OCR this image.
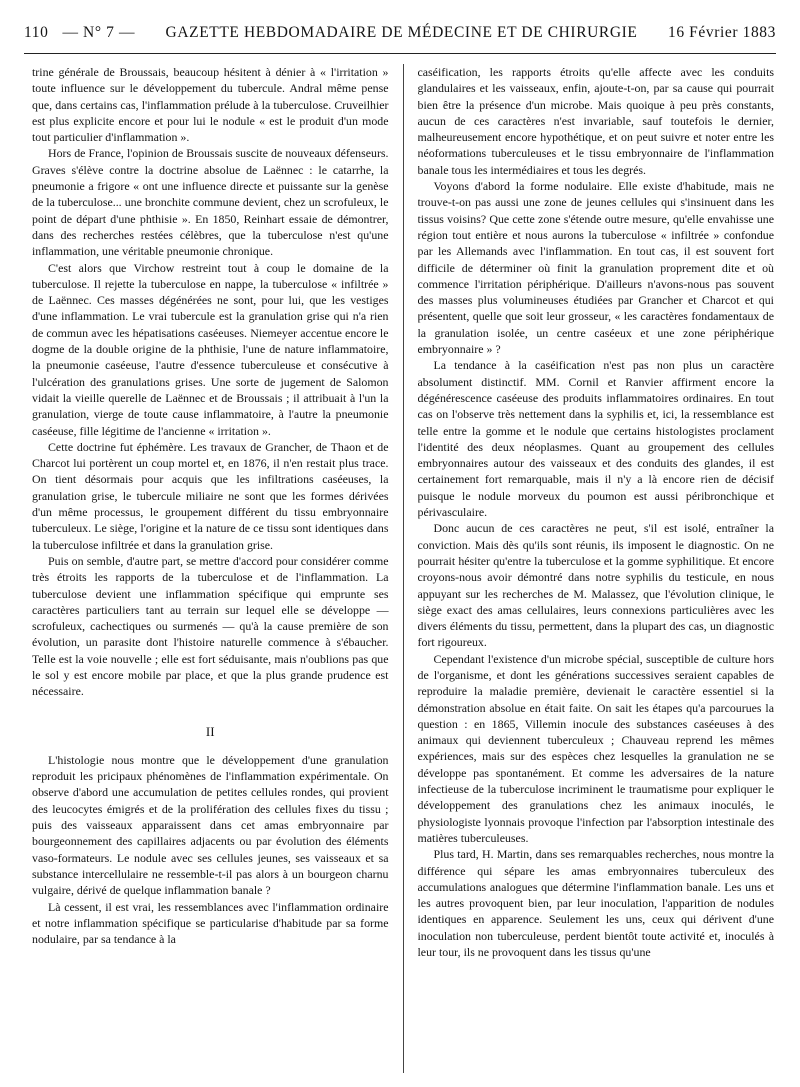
110 — N° 7 —	GAZETTE HEBDOMADAIRE DE MÉDECINE ET DE CHIRURGIE	16 Février 1883

trine générale de Broussais, beaucoup hésitent à dénier à « l'irritation » toute influence sur le développement du tubercule. Andral même pense que, dans certains cas, l'inflammation prélude à la tuberculose. Cruveilhier est plus explicite encore et pour lui le nodule « est le produit d'un mode tout particulier d'inflammation ».

Hors de France, l'opinion de Broussais suscite de nouveaux défenseurs. Graves s'élève contre la doctrine absolue de Laënnec : le catarrhe, la pneumonie a frigore « ont une influence directe et puissante sur la genèse de la tuberculose... une bronchite commune devient, chez un scrofuleux, le point de départ d'une phthisie ». En 1850, Reinhart essaie de démontrer, dans des recherches restées célèbres, que la tuberculose n'est qu'une inflammation, une véritable pneumonie chronique.

C'est alors que Virchow restreint tout à coup le domaine de la tuberculose. Il rejette la tuberculose en nappe, la tuberculose « infiltrée » de Laënnec. Ces masses dégénérées ne sont, pour lui, que les vestiges d'une inflammation. Le vrai tubercule est la granulation grise qui n'a rien de commun avec les hépatisations caséeuses. Niemeyer accentue encore le dogme de la double origine de la phthisie, l'une de nature inflammatoire, la pneumonie caséeuse, l'autre d'essence tuberculeuse et consécutive à l'ulcération des granulations grises. Une sorte de jugement de Salomon vidait la vieille querelle de Laënnec et de Broussais ; il attribuait à l'un la granulation, vierge de toute cause inflammatoire, à l'autre la pneumonie caséeuse, fille légitime de l'ancienne « irritation ».

Cette doctrine fut éphémère. Les travaux de Grancher, de Thaon et de Charcot lui portèrent un coup mortel et, en 1876, il n'en restait plus trace. On tient désormais pour acquis que les infiltrations caséeuses, la granulation grise, le tubercule miliaire ne sont que les formes dérivées d'un même processus, le groupement différent du tissu embryonnaire tuberculeux. Le siège, l'origine et la nature de ce tissu sont identiques dans la tuberculose infiltrée et dans la granulation grise.

Puis on semble, d'autre part, se mettre d'accord pour considérer comme très étroits les rapports de la tuberculose et de l'inflammation. La tuberculose devient une inflammation spécifique qui emprunte ses caractères particuliers tant au terrain sur lequel elle se développe — scrofuleux, cachectiques ou surmenés — qu'à la cause première de son évolution, un parasite dont l'histoire naturelle commence à s'ébaucher. Telle est la voie nouvelle ; elle est fort séduisante, mais n'oublions pas que le sol y est encore mobile par place, et que la plus grande prudence est nécessaire.

II

L'histologie nous montre que le développement d'une granulation reproduit les pricipaux phénomènes de l'inflammation expérimentale. On observe d'abord une accumulation de petites cellules rondes, qui provient des leucocytes émigrés et de la prolifération des cellules fixes du tissu ; puis des vaisseaux apparaissent dans cet amas embryonnaire par bourgeonnement des capillaires adjacents ou par évolution des éléments vaso-formateurs. Le nodule avec ses cellules jeunes, ses vaisseaux et sa substance intercellulaire ne ressemble-t-il pas alors à un bourgeon charnu vulgaire, dérivé de quelque inflammation banale ?

Là cessent, il est vrai, les ressemblances avec l'inflammation ordinaire et notre inflammation spécifique se particularise d'habitude par sa forme nodulaire, par sa tendance à la

caséification, les rapports étroits qu'elle affecte avec les conduits glandulaires et les vaisseaux, enfin, ajoute-t-on, par sa cause qui pourrait bien être la présence d'un microbe. Mais quoique à peu près constants, aucun de ces caractères n'est invariable, sauf toutefois le dernier, malheureusement encore hypothétique, et on peut suivre et noter entre les néoformations tuberculeuses et le tissu embryonnaire de l'inflammation banale tous les intermédiaires et tous les degrés.

Voyons d'abord la forme nodulaire. Elle existe d'habitude, mais ne trouve-t-on pas aussi une zone de jeunes cellules qui s'insinuent dans les tissus voisins? Que cette zone s'étende outre mesure, qu'elle envahisse une région tout entière et nous aurons la tuberculose « infiltrée » confondue par les Allemands avec l'inflammation. En tout cas, il est souvent fort difficile de déterminer où finit la granulation proprement dite et où commence l'irritation périphérique. D'ailleurs n'avons-nous pas souvent des masses plus volumineuses étudiées par Grancher et Charcot et qui présentent, quelle que soit leur grosseur, « les caractères fondamentaux de la granulation isolée, un centre caséeux et une zone périphérique embryonnaire » ?

La tendance à la caséification n'est pas non plus un caractère absolument distinctif. MM. Cornil et Ranvier affirment encore la dégénérescence caséeuse des produits inflammatoires ordinaires. En tout cas on l'observe très nettement dans la syphilis et, ici, la ressemblance est telle entre la gomme et le nodule que certains histologistes proclament l'identité des deux néoplasmes. Quant au groupement des cellules embryonnaires autour des vaisseaux et des conduits des glandes, il est certainement fort remarquable, mais il n'y a là encore rien de décisif puisque le nodule morveux du poumon est aussi péribronchique et périvasculaire.

Donc aucun de ces caractères ne peut, s'il est isolé, entraîner la conviction. Mais dès qu'ils sont réunis, ils imposent le diagnostic. On ne pourrait hésiter qu'entre la tuberculose et la gomme syphilitique. Et encore croyons-nous avoir démontré dans notre syphilis du testicule, en nous appuyant sur les recherches de M. Malassez, que l'évolution clinique, le siège exact des amas cellulaires, leurs connexions particulières avec les divers éléments du tissu, permettent, dans la plupart des cas, un diagnostic fort rigoureux.

Cependant l'existence d'un microbe spécial, susceptible de culture hors de l'organisme, et dont les générations successives seraient capables de reproduire la maladie première, devienait le caractère essentiel si la démonstration absolue en était faite. On sait les étapes qu'a parcourues la question : en 1865, Villemin inocule des substances caséeuses à des animaux qui deviennent tuberculeux ; Chauveau reprend les mêmes expériences, mais sur des espèces chez lesquelles la granulation ne se développe pas spontanément. Et comme les adversaires de la nature infectieuse de la tuberculose incriminent le traumatisme pour expliquer le développement des granulations chez les animaux inoculés, le physiologiste lyonnais provoque l'infection par l'absorption intestinale des matières tuberculeuses.

Plus tard, H. Martin, dans ses remarquables recherches, nous montre la différence qui sépare les amas embryonnaires tuberculeux des accumulations analogues que détermine l'inflammation banale. Les uns et les autres provoquent bien, par leur inoculation, l'apparition de nodules identiques en apparence. Seulement les uns, ceux qui dérivent d'une inoculation non tuberculeuse, perdent bientôt toute activité et, inoculés à leur tour, ils ne provoquent dans les tissus qu'une
